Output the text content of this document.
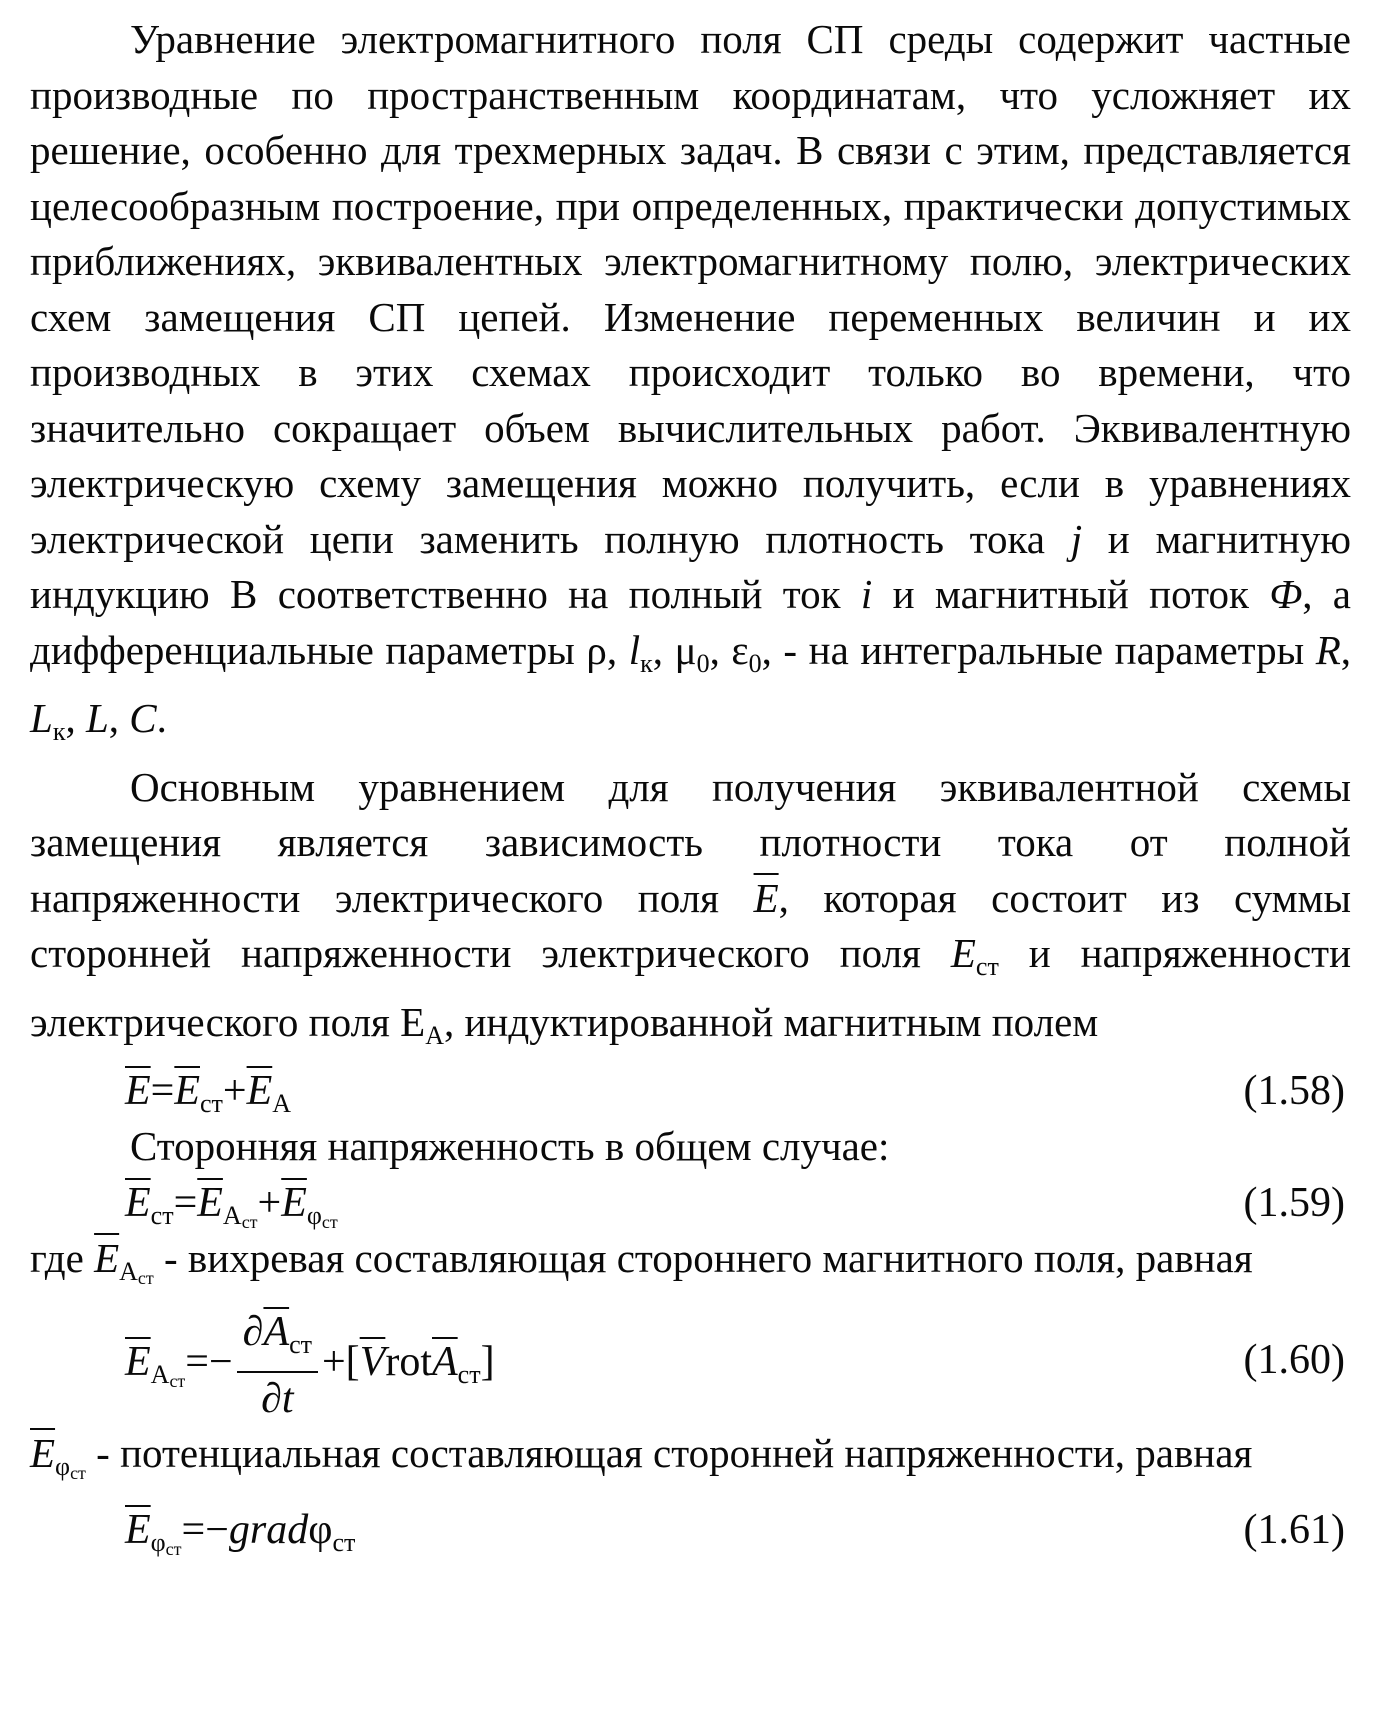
Уравнение электромагнитного поля СП среды содержит частные производные по пространственным координатам, что усложняет их решение, особенно для трехмерных задач. В связи с этим, представляется целесообразным построение, при определенных, практически допустимых приближениях, эквивалентных электромагнитному полю, электрических схем замещения СП цепей. Изменение переменных величин и их производных в этих схемах происходит только во времени, что значительно сокращает объем вычислительных работ. Эквивалентную электрическую схему замещения можно получить, если в уравнениях электрической цепи заменить полную плотность тока j и магнитную индукцию В соответственно на полный ток i и магнитный поток Ф, а дифференциальные параметры ρ, $l_к$, $\mu_0$, $\varepsilon_0$, - на интегральные параметры R, $L_к$, L, C.

Основным уравнением для получения эквивалентной схемы замещения является зависимость плотности тока от полной напряженности электрического поля $\overline{E}$, которая состоит из суммы сторонней напряженности электрического поля $E_{ст}$ и напряженности электрического поля $Е_А$, индуктированной магнитным полем

$\overline{E}=\overline{E}_{ст}+\overline{E}_А$	(1.58)

Сторонняя напряженность в общем случае:

$\overline{E}_{ст}=\overline{E}_{Аст}+\overline{E}_{\varphi ст}$	(1.59)

где $\overline{E}_{Аст}$ - вихревая составляющая стороннего магнитного поля, равная

$\overline{E}_{Аст}=- \frac{\partial\overline{A}_{ст}}{\partial t} +[\overline{V}rot\overline{A}_{ст}]$	(1.60)

$\overline{E}_{\varphi ст}$ - потенциальная составляющая сторонней напряженности, равная

$\overline{E}_{\varphi ст}=-grad\varphi_{ст}$	(1.61)
